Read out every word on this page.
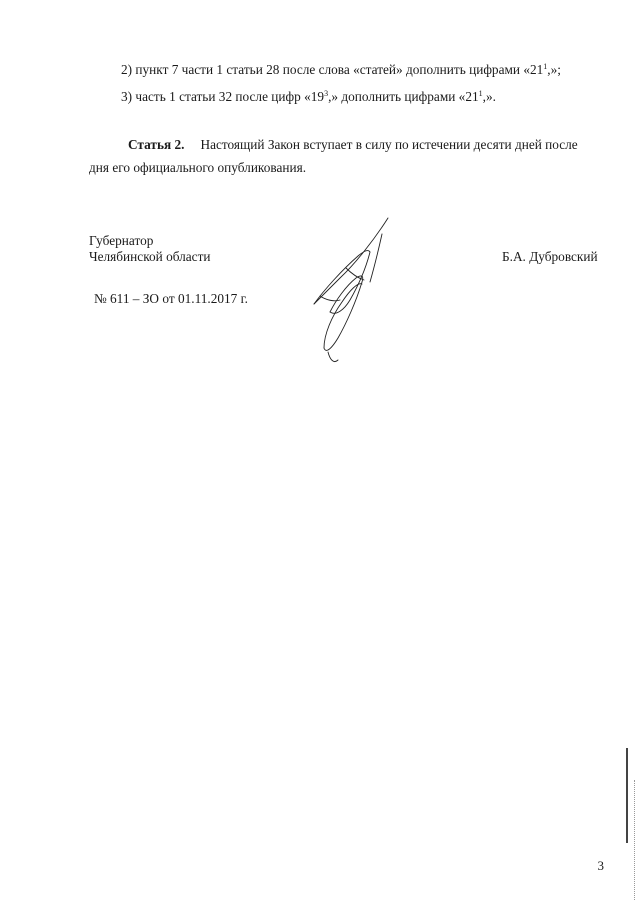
2) пункт 7 части 1 статьи 28 после слова «статей» дополнить цифрами «$21^1$,»;
3) часть 1 статьи 32 после цифр «$19^3$,» дополнить цифрами «$21^1$,».
Статья 2. Настоящий Закон вступает в силу по истечении десяти дней после
дня его официального опубликования.
Губернатор
Челябинской области	Б.А. Дубровский
№ 611 – ЗО от 01.11.2017 г.
3
